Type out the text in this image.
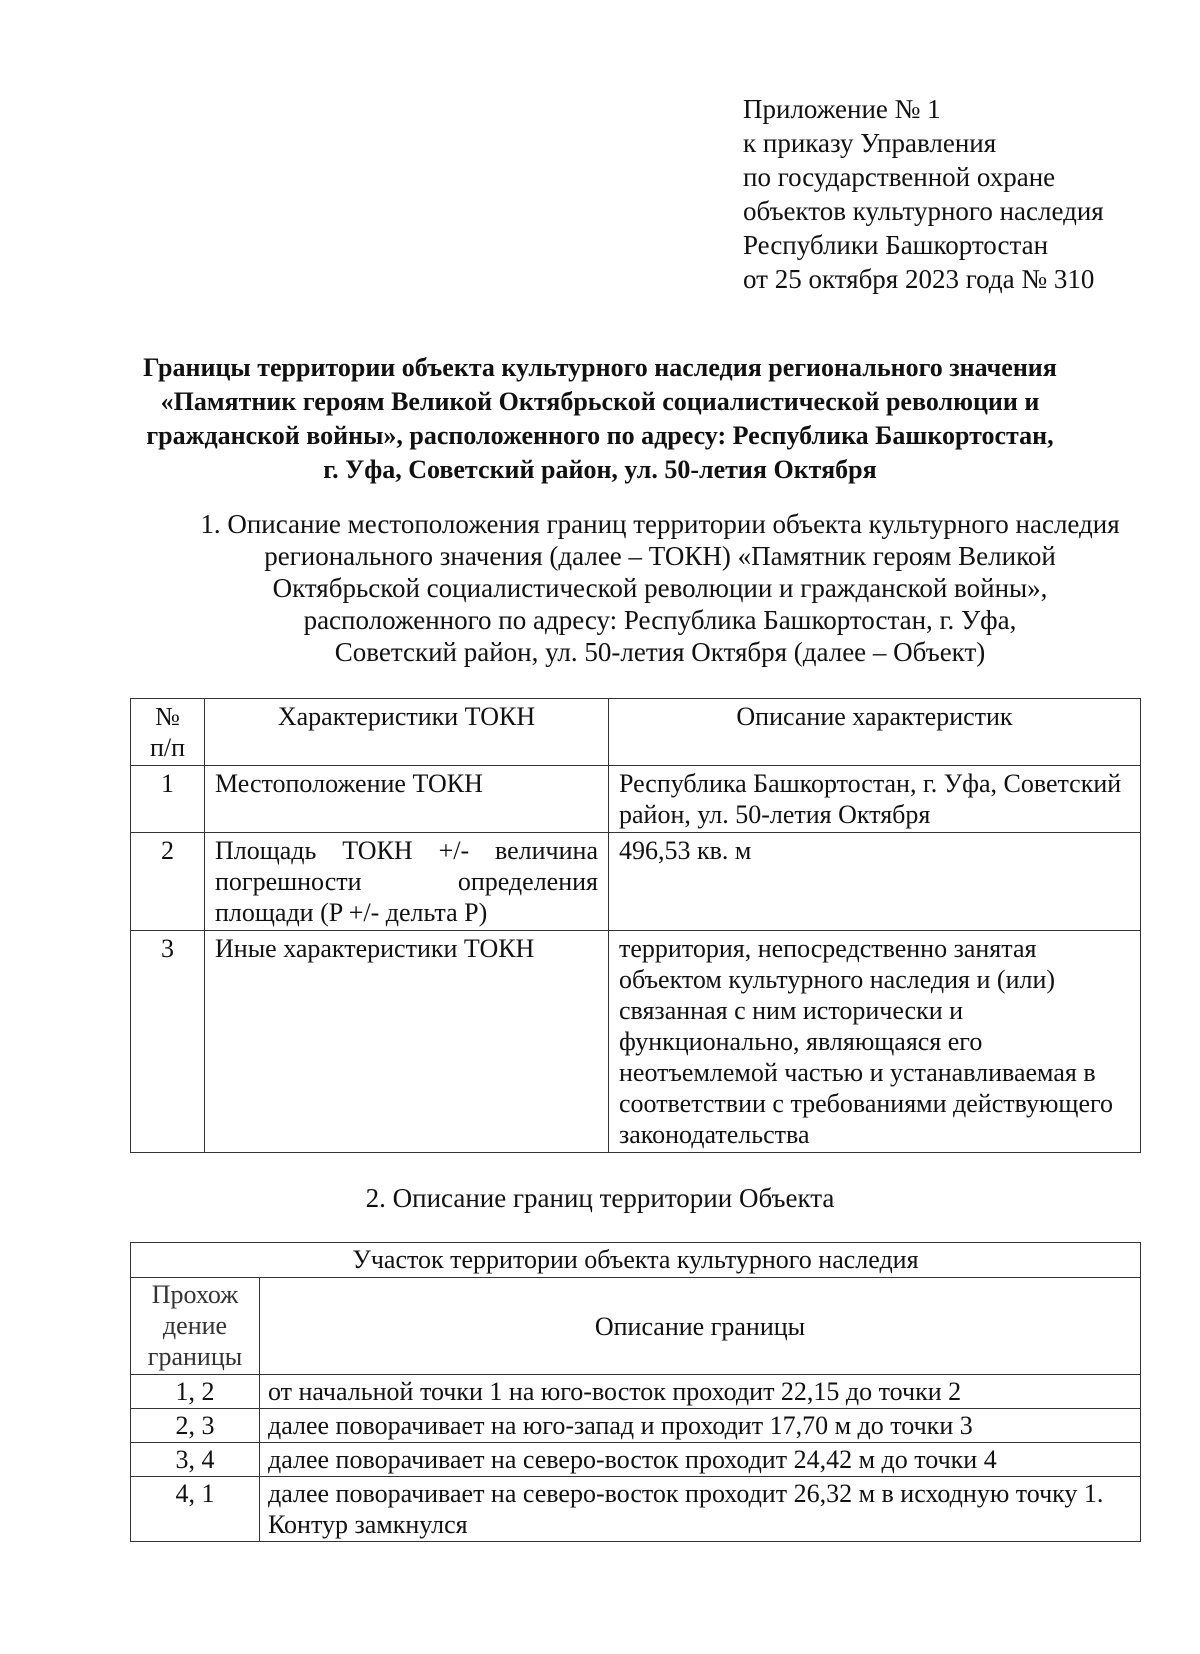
Приложение № 1
к приказу Управления
по государственной охране
объектов культурного наследия
Республики Башкортостан
от 25 октября 2023 года № 310
Границы территории объекта культурного наследия регионального значения
«Памятник героям Великой Октябрьской социалистической революции и
гражданской войны», расположенного по адресу: Республика Башкортостан,
г. Уфа, Советский район, ул. 50-летия Октября
1. Описание местоположения границ территории объекта культурного наследия
регионального значения (далее – ТОКН) «Памятник героям Великой
Октябрьской социалистической революции и гражданской войны»,
расположенного по адресу: Республика Башкортостан, г. Уфа,
Советский район, ул. 50-летия Октября (далее – Объект)
№
п/п	Характеристики ТОКН	Описание характеристик
1	Местоположение ТОКН	Республика Башкортостан, г. Уфа, Советский район, ул. 50-летия Октября
2	Площадь ТОКН +/- величина
погрешности определения
площади (P +/- дельта P)	496,53 кв. м
3	Иные характеристики ТОКН	территория, непосредственно занятая объектом культурного наследия и (или) связанная с ним исторически и функционально, являющаяся его неотъемлемой частью и устанавливаемая в соответствии с требованиями действующего законодательства
2. Описание границ территории Объекта
Участок территории объекта культурного наследия	

Прохож
дение
границы	Описание границы
1, 2	от начальной точки 1 на юго-восток проходит 22,15 до точки 2
2, 3	далее поворачивает на юго-запад и проходит 17,70 м до точки 3
3, 4	далее поворачивает на северо-восток проходит 24,42 м до точки 4
4, 1	далее поворачивает на северо-восток проходит 26,32 м в исходную точку 1. Контур замкнулся
